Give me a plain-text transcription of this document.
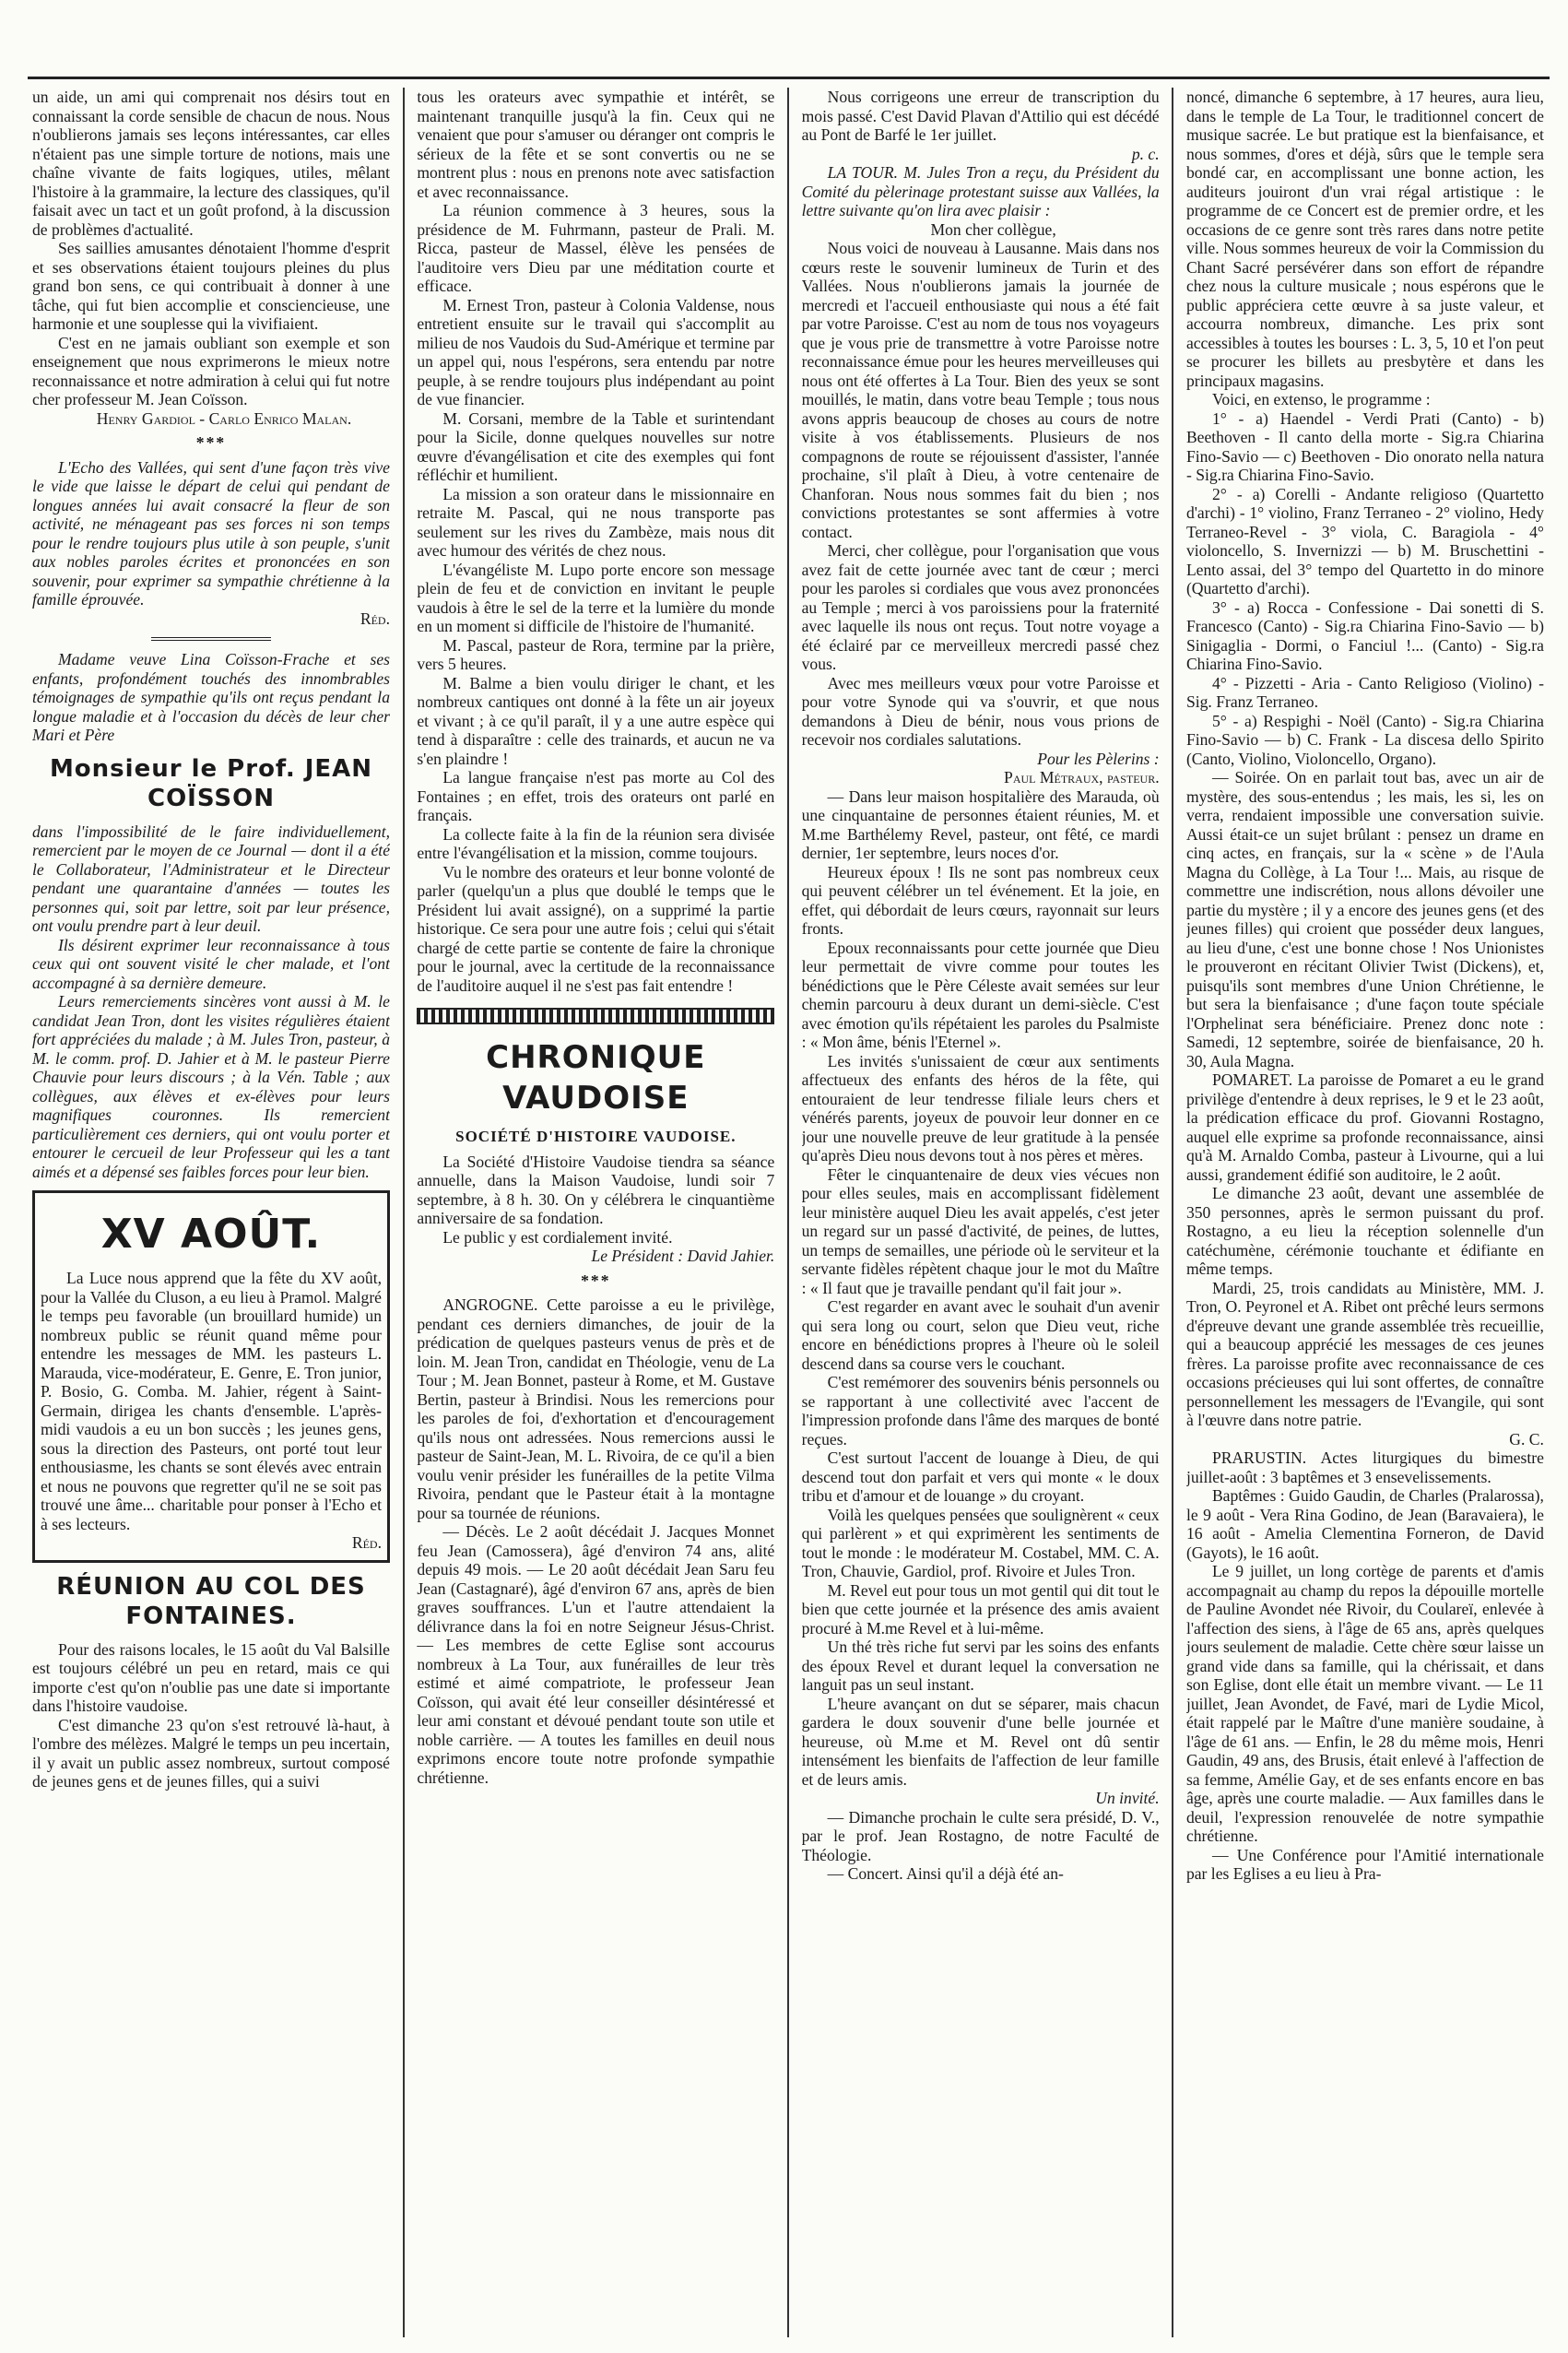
un aide, un ami qui comprenait nos désirs tout en connaissant la corde sensible de chacun de nous. Nous n'oublierons jamais ses leçons intéressantes, car elles n'étaient pas une simple torture de notions, mais une chaîne vivante de faits logiques, utiles, mêlant l'histoire à la grammaire, la lecture des classiques, qu'il faisait avec un tact et un goût profond, à la discussion de problèmes d'actualité.

Ses saillies amusantes dénotaient l'homme d'esprit et ses observations étaient toujours pleines du plus grand bon sens, ce qui contribuait à donner à une tâche, qui fut bien accomplie et consciencieuse, une harmonie et une souplesse qui la vivifiaient.

C'est en ne jamais oubliant son exemple et son enseignement que nous exprimerons le mieux notre reconnaissance et notre admiration à celui qui fut notre cher professeur M. Jean Coïsson.

Henry Gardiol - Carlo Enrico Malan.

***

L'Echo des Vallées, qui sent d'une façon très vive le vide que laisse le départ de celui qui pendant de longues années lui avait consacré la fleur de son activité, ne ménageant pas ses forces ni son temps pour le rendre toujours plus utile à son peuple, s'unit aux nobles paroles écrites et prononcées en son souvenir, pour exprimer sa sympathie chrétienne à la famille éprouvée.

Réd.

Madame veuve Lina Coïsson-Frache et ses enfants, profondément touchés des innombrables témoignages de sympathie qu'ils ont reçus pendant la longue maladie et à l'occasion du décès de leur cher Mari et Père

Monsieur le Prof. JEAN COÏSSON

dans l'impossibilité de le faire individuellement, remercient par le moyen de ce Journal — dont il a été le Collaborateur, l'Administrateur et le Directeur pendant une quarantaine d'années — toutes les personnes qui, soit par lettre, soit par leur présence, ont voulu prendre part à leur deuil.

Ils désirent exprimer leur reconnaissance à tous ceux qui ont souvent visité le cher malade, et l'ont accompagné à sa dernière demeure.

Leurs remerciements sincères vont aussi à M. le candidat Jean Tron, dont les visites régulières étaient fort appréciées du malade ; à M. Jules Tron, pasteur, à M. le comm. prof. D. Jahier et à M. le pasteur Pierre Chauvie pour leurs discours ; à la Vén. Table ; aux collègues, aux élèves et ex-élèves pour leurs magnifiques couronnes. Ils remercient particulièrement ces derniers, qui ont voulu porter et entourer le cercueil de leur Professeur qui les a tant aimés et a dépensé ses faibles forces pour leur bien.

XV AOÛT.

La Luce nous apprend que la fête du XV août, pour la Vallée du Cluson, a eu lieu à Pramol. Malgré le temps peu favorable (un brouillard humide) un nombreux public se réunit quand même pour entendre les messages de MM. les pasteurs L. Marauda, vice-modérateur, E. Genre, E. Tron junior, P. Bosio, G. Comba. M. Jahier, régent à Saint-Germain, dirigea les chants d'ensemble. L'après-midi vaudois a eu un bon succès ; les jeunes gens, sous la direction des Pasteurs, ont porté tout leur enthousiasme, les chants se sont élevés avec entrain et nous ne pouvons que regretter qu'il ne se soit pas trouvé une âme... charitable pour ponser à l'Echo et à ses lecteurs.

Réd.

RÉUNION AU COL DES FONTAINES.

Pour des raisons locales, le 15 août du Val Balsille est toujours célébré un peu en retard, mais ce qui importe c'est qu'on n'oublie pas une date si importante dans l'histoire vaudoise.

C'est dimanche 23 qu'on s'est retrouvé là-haut, à l'ombre des mélèzes. Malgré le temps un peu incertain, il y avait un public assez nombreux, surtout composé de jeunes gens et de jeunes filles, qui a suivi

tous les orateurs avec sympathie et intérêt, se maintenant tranquille jusqu'à la fin. Ceux qui ne venaient que pour s'amuser ou déranger ont compris le sérieux de la fête et se sont convertis ou ne se montrent plus : nous en prenons note avec satisfaction et avec reconnaissance.

La réunion commence à 3 heures, sous la présidence de M. Fuhrmann, pasteur de Prali. M. Ricca, pasteur de Massel, élève les pensées de l'auditoire vers Dieu par une méditation courte et efficace.

M. Ernest Tron, pasteur à Colonia Valdense, nous entretient ensuite sur le travail qui s'accomplit au milieu de nos Vaudois du Sud-Amérique et termine par un appel qui, nous l'espérons, sera entendu par notre peuple, à se rendre toujours plus indépendant au point de vue financier.

M. Corsani, membre de la Table et surintendant pour la Sicile, donne quelques nouvelles sur notre œuvre d'évangélisation et cite des exemples qui font réfléchir et humilient.

La mission a son orateur dans le missionnaire en retraite M. Pascal, qui ne nous transporte pas seulement sur les rives du Zambèze, mais nous dit avec humour des vérités de chez nous.

L'évangéliste M. Lupo porte encore son message plein de feu et de conviction en invitant le peuple vaudois à être le sel de la terre et la lumière du monde en un moment si difficile de l'histoire de l'humanité.

M. Pascal, pasteur de Rora, termine par la prière, vers 5 heures.

M. Balme a bien voulu diriger le chant, et les nombreux cantiques ont donné à la fête un air joyeux et vivant ; à ce qu'il paraît, il y a une autre espèce qui tend à disparaître : celle des trainards, et aucun ne va s'en plaindre !

La langue française n'est pas morte au Col des Fontaines ; en effet, trois des orateurs ont parlé en français.

La collecte faite à la fin de la réunion sera divisée entre l'évangélisation et la mission, comme toujours.

Vu le nombre des orateurs et leur bonne volonté de parler (quelqu'un a plus que doublé le temps que le Président lui avait assigné), on a supprimé la partie historique. Ce sera pour une autre fois ; celui qui s'était chargé de cette partie se contente de faire la chronique pour le journal, avec la certitude de la reconnaissance de l'auditoire auquel il ne s'est pas fait entendre !

CHRONIQUE VAUDOISE
SOCIÉTÉ D'HISTOIRE VAUDOISE.

La Société d'Histoire Vaudoise tiendra sa séance annuelle, dans la Maison Vaudoise, lundi soir 7 septembre, à 8 h. 30. On y célébrera le cinquantième anniversaire de sa fondation.

Le public y est cordialement invité.

Le Président : David Jahier.

***

ANGROGNE. Cette paroisse a eu le privilège, pendant ces derniers dimanches, de jouir de la prédication de quelques pasteurs venus de près et de loin. M. Jean Tron, candidat en Théologie, venu de La Tour ; M. Jean Bonnet, pasteur à Rome, et M. Gustave Bertin, pasteur à Brindisi. Nous les remercions pour les paroles de foi, d'exhortation et d'encouragement qu'ils nous ont adressées. Nous remercions aussi le pasteur de Saint-Jean, M. L. Rivoira, de ce qu'il a bien voulu venir présider les funérailles de la petite Vilma Rivoira, pendant que le Pasteur était à la montagne pour sa tournée de réunions.

— Décès. Le 2 août décédait J. Jacques Monnet feu Jean (Camossera), âgé d'environ 74 ans, alité depuis 49 mois. — Le 20 août décédait Jean Saru feu Jean (Castagnaré), âgé d'environ 67 ans, après de bien graves souffrances. L'un et l'autre attendaient la délivrance dans la foi en notre Seigneur Jésus-Christ. — Les membres de cette Eglise sont accourus nombreux à La Tour, aux funérailles de leur très estimé et aimé compatriote, le professeur Jean Coïsson, qui avait été leur conseiller désintéressé et leur ami constant et dévoué pendant toute son utile et noble carrière. — A toutes les familles en deuil nous exprimons encore toute notre profonde sympathie chrétienne.

Nous corrigeons une erreur de transcription du mois passé. C'est David Plavan d'Attilio qui est décédé au Pont de Barfé le 1er juillet.

p. c.

LA TOUR. M. Jules Tron a reçu, du Président du Comité du pèlerinage protestant suisse aux Vallées, la lettre suivante qu'on lira avec plaisir :

Mon cher collègue,

Nous voici de nouveau à Lausanne. Mais dans nos cœurs reste le souvenir lumineux de Turin et des Vallées. Nous n'oublierons jamais la journée de mercredi et l'accueil enthousiaste qui nous a été fait par votre Paroisse. C'est au nom de tous nos voyageurs que je vous prie de transmettre à votre Paroisse notre reconnaissance émue pour les heures merveilleuses qui nous ont été offertes à La Tour. Bien des yeux se sont mouillés, le matin, dans votre beau Temple ; tous nous avons appris beaucoup de choses au cours de notre visite à vos établissements. Plusieurs de nos compagnons de route se réjouissent d'assister, l'année prochaine, s'il plaît à Dieu, à votre centenaire de Chanforan. Nous nous sommes fait du bien ; nos convictions protestantes se sont affermies à votre contact.

Merci, cher collègue, pour l'organisation que vous avez fait de cette journée avec tant de cœur ; merci pour les paroles si cordiales que vous avez prononcées au Temple ; merci à vos paroissiens pour la fraternité avec laquelle ils nous ont reçus. Tout notre voyage a été éclairé par ce merveilleux mercredi passé chez vous.

Avec mes meilleurs vœux pour votre Paroisse et pour votre Synode qui va s'ouvrir, et que nous demandons à Dieu de bénir, nous vous prions de recevoir nos cordiales salutations.

Pour les Pèlerins :

Paul Métraux, pasteur.

— Dans leur maison hospitalière des Marauda, où une cinquantaine de personnes étaient réunies, M. et M.me Barthélemy Revel, pasteur, ont fêté, ce mardi dernier, 1er septembre, leurs noces d'or.

Heureux époux ! Ils ne sont pas nombreux ceux qui peuvent célébrer un tel événement. Et la joie, en effet, qui débordait de leurs cœurs, rayonnait sur leurs fronts.

Epoux reconnaissants pour cette journée que Dieu leur permettait de vivre comme pour toutes les bénédictions que le Père Céleste avait semées sur leur chemin parcouru à deux durant un demi-siècle. C'est avec émotion qu'ils répétaient les paroles du Psalmiste : « Mon âme, bénis l'Eternel ».

Les invités s'unissaient de cœur aux sentiments affectueux des enfants des héros de la fête, qui entouraient de leur tendresse filiale leurs chers et vénérés parents, joyeux de pouvoir leur donner en ce jour une nouvelle preuve de leur gratitude à la pensée qu'après Dieu nous devons tout à nos pères et mères.

Fêter le cinquantenaire de deux vies vécues non pour elles seules, mais en accomplissant fidèlement leur ministère auquel Dieu les avait appelés, c'est jeter un regard sur un passé d'activité, de peines, de luttes, un temps de semailles, une période où le serviteur et la servante fidèles répètent chaque jour le mot du Maître : « Il faut que je travaille pendant qu'il fait jour ».

C'est regarder en avant avec le souhait d'un avenir qui sera long ou court, selon que Dieu veut, riche encore en bénédictions propres à l'heure où le soleil descend dans sa course vers le couchant.

C'est remémorer des souvenirs bénis personnels ou se rapportant à une collectivité avec l'accent de l'impression profonde dans l'âme des marques de bonté reçues.

C'est surtout l'accent de louange à Dieu, de qui descend tout don parfait et vers qui monte « le doux tribu et d'amour et de louange » du croyant.

Voilà les quelques pensées que soulignèrent « ceux qui parlèrent » et qui exprimèrent les sentiments de tout le monde : le modérateur M. Costabel, MM. C. A. Tron, Chauvie, Gardiol, prof. Rivoire et Jules Tron.

M. Revel eut pour tous un mot gentil qui dit tout le bien que cette journée et la présence des amis avaient procuré à M.me Revel et à lui-même.

Un thé très riche fut servi par les soins des enfants des époux Revel et durant lequel la conversation ne languit pas un seul instant.

L'heure avançant on dut se séparer, mais chacun gardera le doux souvenir d'une belle journée et heureuse, où M.me et M. Revel ont dû sentir intensément les bienfaits de l'affection de leur famille et de leurs amis.

Un invité.

— Dimanche prochain le culte sera présidé, D. V., par le prof. Jean Rostagno, de notre Faculté de Théologie.

— Concert. Ainsi qu'il a déjà été an-

noncé, dimanche 6 septembre, à 17 heures, aura lieu, dans le temple de La Tour, le traditionnel concert de musique sacrée. Le but pratique est la bienfaisance, et nous sommes, d'ores et déjà, sûrs que le temple sera bondé car, en accomplissant une bonne action, les auditeurs jouiront d'un vrai régal artistique : le programme de ce Concert est de premier ordre, et les occasions de ce genre sont très rares dans notre petite ville. Nous sommes heureux de voir la Commission du Chant Sacré persévérer dans son effort de répandre chez nous la culture musicale ; nous espérons que le public appréciera cette œuvre à sa juste valeur, et accourra nombreux, dimanche. Les prix sont accessibles à toutes les bourses : L. 3, 5, 10 et l'on peut se procurer les billets au presbytère et dans les principaux magasins.

Voici, en extenso, le programme :

1° - a) Haendel - Verdi Prati (Canto) - b) Beethoven - Il canto della morte - Sig.ra Chiarina Fino-Savio — c) Beethoven - Dio onorato nella natura - Sig.ra Chiarina Fino-Savio.

2° - a) Corelli - Andante religioso (Quartetto d'archi) - 1° violino, Franz Terraneo - 2° violino, Hedy Terraneo-Revel - 3° viola, C. Baragiola - 4° violoncello, S. Invernizzi — b) M. Bruschettini - Lento assai, del 3° tempo del Quartetto in do minore (Quartetto d'archi).

3° - a) Rocca - Confessione - Dai sonetti di S. Francesco (Canto) - Sig.ra Chiarina Fino-Savio — b) Sinigaglia - Dormi, o Fanciul !... (Canto) - Sig.ra Chiarina Fino-Savio.

4° - Pizzetti - Aria - Canto Religioso (Violino) - Sig. Franz Terraneo.

5° - a) Respighi - Noël (Canto) - Sig.ra Chiarina Fino-Savio — b) C. Frank - La discesa dello Spirito (Canto, Violino, Violoncello, Organo).

— Soirée. On en parlait tout bas, avec un air de mystère, des sous-entendus ; les mais, les si, les on verra, rendaient impossible une conversation suivie. Aussi était-ce un sujet brûlant : pensez un drame en cinq actes, en français, sur la « scène » de l'Aula Magna du Collège, à La Tour !... Mais, au risque de commettre une indiscrétion, nous allons dévoiler une partie du mystère ; il y a encore des jeunes gens (et des jeunes filles) qui croient que posséder deux langues, au lieu d'une, c'est une bonne chose ! Nos Unionistes le prouveront en récitant Olivier Twist (Dickens), et, puisqu'ils sont membres d'une Union Chrétienne, le but sera la bienfaisance ; d'une façon toute spéciale l'Orphelinat sera bénéficiaire. Prenez donc note : Samedi, 12 septembre, soirée de bienfaisance, 20 h. 30, Aula Magna.

POMARET. La paroisse de Pomaret a eu le grand privilège d'entendre à deux reprises, le 9 et le 23 août, la prédication efficace du prof. Giovanni Rostagno, auquel elle exprime sa profonde reconnaissance, ainsi qu'à M. Arnaldo Comba, pasteur à Livourne, qui a lui aussi, grandement édifié son auditoire, le 2 août.

Le dimanche 23 août, devant une assemblée de 350 personnes, après le sermon puissant du prof. Rostagno, a eu lieu la réception solennelle d'un catéchumène, cérémonie touchante et édifiante en même temps.

Mardi, 25, trois candidats au Ministère, MM. J. Tron, O. Peyronel et A. Ribet ont prêché leurs sermons d'épreuve devant une grande assemblée très recueillie, qui a beaucoup apprécié les messages de ces jeunes frères. La paroisse profite avec reconnaissance de ces occasions précieuses qui lui sont offertes, de connaître personnellement les messagers de l'Evangile, qui sont à l'œuvre dans notre patrie.

G. C.

PRARUSTIN. Actes liturgiques du bimestre juillet-août : 3 baptêmes et 3 ensevelissements.

Baptêmes : Guido Gaudin, de Charles (Pralarossa), le 9 août - Vera Rina Godino, de Jean (Baravaiera), le 16 août - Amelia Clementina Forneron, de David (Gayots), le 16 août.

Le 9 juillet, un long cortège de parents et d'amis accompagnait au champ du repos la dépouille mortelle de Pauline Avondet née Rivoir, du Coulareï, enlevée à l'affection des siens, à l'âge de 65 ans, après quelques jours seulement de maladie. Cette chère sœur laisse un grand vide dans sa famille, qui la chérissait, et dans son Eglise, dont elle était un membre vivant. — Le 11 juillet, Jean Avondet, de Favé, mari de Lydie Micol, était rappelé par le Maître d'une manière soudaine, à l'âge de 61 ans. — Enfin, le 28 du même mois, Henri Gaudin, 49 ans, des Brusis, était enlevé à l'affection de sa femme, Amélie Gay, et de ses enfants encore en bas âge, après une courte maladie. — Aux familles dans le deuil, l'expression renouvelée de notre sympathie chrétienne.

— Une Conférence pour l'Amitié internationale par les Eglises a eu lieu à Pra-
